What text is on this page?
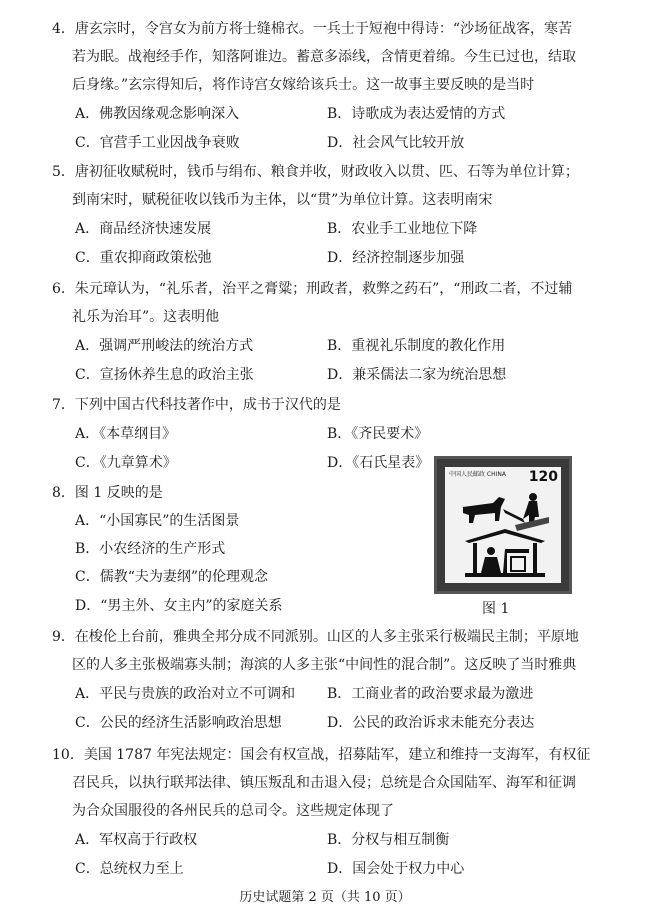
4．唐玄宗时，令宫女为前方将士缝棉衣。一兵士于短袍中得诗：“沙场征战客，寒苦
若为眠。战袍经手作，知落阿谁边。蓄意多添线，含情更着绵。今生已过也，结取
后身缘。”玄宗得知后，将作诗宫女嫁给该兵士。这一故事主要反映的是当时
A．佛教因缘观念影响深入	B．诗歌成为表达爱情的方式
C．官营手工业因战争衰败	D．社会风气比较开放
5．唐初征收赋税时，钱币与绢布、粮食并收，财政收入以贯、匹、石等为单位计算；
到南宋时，赋税征收以钱币为主体，以“贯”为单位计算。这表明南宋
A．商品经济快速发展	B．农业手工业地位下降
C．重农抑商政策松弛	D．经济控制逐步加强
6．朱元璋认为，“礼乐者，治平之膏粱；刑政者，救弊之药石”，“刑政二者，不过辅
礼乐为治耳”。这表明他
A．强调严刑峻法的统治方式	B．重视礼乐制度的教化作用
C．宣扬休养生息的政治主张	D．兼采儒法二家为统治思想
7．下列中国古代科技著作中，成书于汉代的是
A．《本草纲目》	B．《齐民要术》
C．《九章算术》	D．《石氏星表》
8．图 1 反映的是
A．“小国寡民”的生活图景
B．小农经济的生产形式
C．儒教“夫为妻纲”的伦理观念
D．“男主外、女主内”的家庭关系
中国人民邮政 CHINA 120
图 1
9．在梭伦上台前，雅典全邦分成不同派别。山区的人多主张采行极端民主制；平原地
区的人多主张极端寡头制；海滨的人多主张“中间性的混合制”。这反映了当时雅典
A．平民与贵族的政治对立不可调和 B．工商业者的政治要求最为激进
C．公民的经济生活影响政治思想	D．公民的政治诉求未能充分表达
10．美国 1787 年宪法规定：国会有权宣战，招募陆军，建立和维持一支海军，有权征
召民兵，以执行联邦法律、镇压叛乱和击退入侵；总统是合众国陆军、海军和征调
为合众国服役的各州民兵的总司令。这些规定体现了
A．军权高于行政权	B．分权与相互制衡
C．总统权力至上	D．国会处于权力中心
历史试题第 2 页（共 10 页）
